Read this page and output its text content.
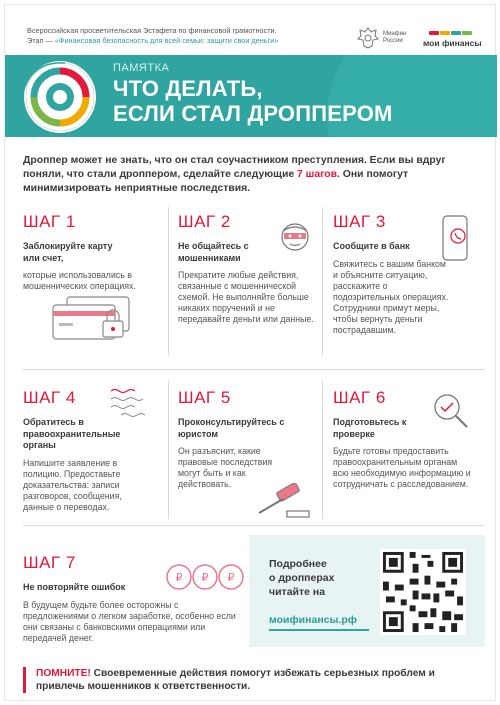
Всероссийская просветительская Эстафета по финансовой грамотности.
Этап — «Финансовая безопасность для всей семьи: защити свои деньги»
Минфин
России	мои финансы
ПАМЯТКА
ЧТО ДЕЛАТЬ,
ЕСЛИ СТАЛ ДРОППЕРОМ
Дроппер может не знать, что он стал соучастником преступления. Если вы вдруг поняли, что стали дроппером, сделайте следующие 7 шагов. Они помогут минимизировать неприятные последствия.
ШАГ 1
Заблокируйте карту или счет,
которые использовались в мошеннических операциях.
ШАГ 2
Не общайтесь с мошенниками
Прекратите любые действия, связанные с мошеннической схемой. Не выполняйте больше никаких поручений и не передавайте деньги или данные.
ШАГ 3
Сообщите в банк
Свяжитесь с вашим банком и объясните ситуацию, расскажите о подозрительных операциях. Сотрудники примут меры, чтобы вернуть деньги пострадавшим.
ШАГ 4
Обратитесь в правоохранительные органы
Напишите заявление в полицию. Предоставьте доказательства: записи разговоров, сообщения, данные о переводах.
ШАГ 5
Проконсультируйтесь с юристом
Он разъяснит, какие правовые последствия могут быть и как действовать.
ШАГ 6
Подготовьтесь к проверке
Будьте готовы предоставить правоохранительным органам всю необходимую информацию и сотрудничать с расследованием.
ШАГ 7
Не повторяйте ошибок
В будущем будьте более осторожны с предложениями о легком заработке, особенно если они связаны с банковскими операциями или передачей денег.
₽ ₽ ₽
Подробнее
о дропперах
читайте на
моифинансы.рф
ПОМНИТЕ! Своевременные действия помогут избежать серьезных проблем и привлечь мошенников к ответственности.
